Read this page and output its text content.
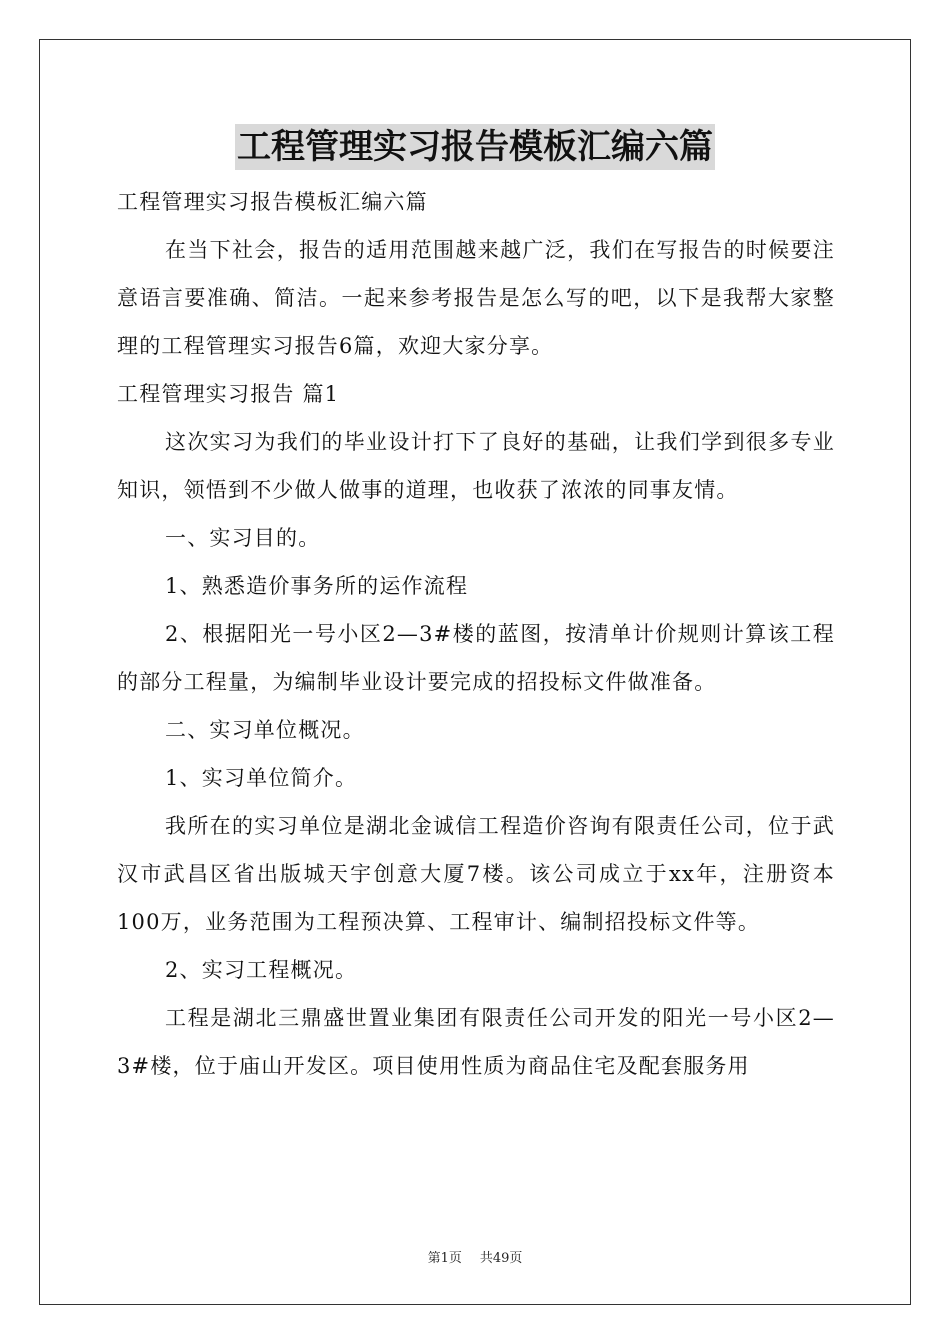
工程管理实习报告模板汇编六篇

工程管理实习报告模板汇编六篇

在当下社会，报告的适用范围越来越广泛，我们在写报告的时候要注意语言要准确、简洁。一起来参考报告是怎么写的吧，以下是我帮大家整理的工程管理实习报告6篇，欢迎大家分享。

工程管理实习报告 篇1

这次实习为我们的毕业设计打下了良好的基础，让我们学到很多专业知识，领悟到不少做人做事的道理，也收获了浓浓的同事友情。

一、实习目的。

1、熟悉造价事务所的运作流程

2、根据阳光一号小区2—3#楼的蓝图，按清单计价规则计算该工程的部分工程量，为编制毕业设计要完成的招投标文件做准备。

二、实习单位概况。

1、实习单位简介。

我所在的实习单位是湖北金诚信工程造价咨询有限责任公司，位于武汉市武昌区省出版城天宇创意大厦7楼。该公司成立于xx年，注册资本100万，业务范围为工程预决算、工程审计、编制招投标文件等。

2、实习工程概况。

工程是湖北三鼎盛世置业集团有限责任公司开发的阳光一号小区2—3#楼，位于庙山开发区。项目使用性质为商品住宅及配套服务用

第1页 共49页
